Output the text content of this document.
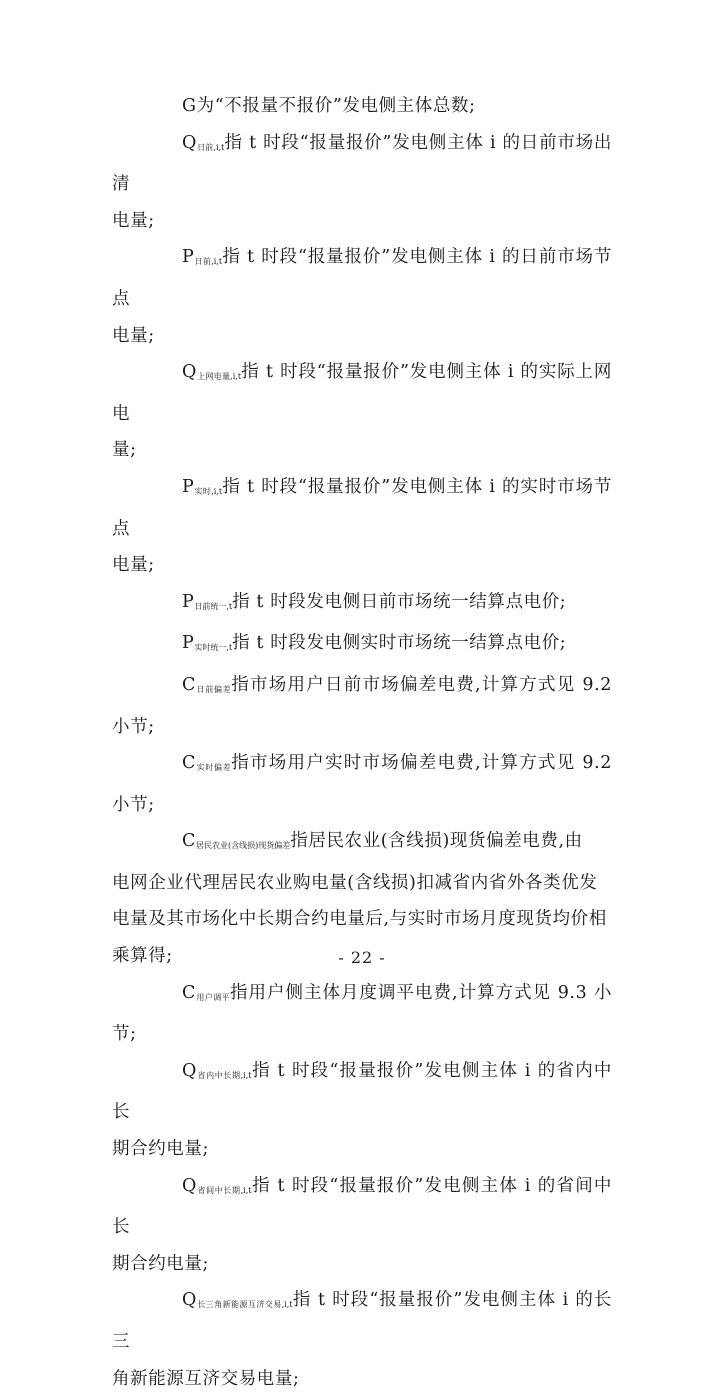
G为“不报量不报价”发电侧主体总数;

$Q_{日前,i,t}$指 t 时段“报量报价”发电侧主体 i 的日前市场出清

电量;

$P_{日前,i,t}$指 t 时段“报量报价”发电侧主体 i 的日前市场节点

电量;

$Q_{上网电量,i,t}$指 t 时段“报量报价”发电侧主体 i 的实际上网电

量;

$P_{实时,i,t}$指 t 时段“报量报价”发电侧主体 i 的实时市场节点

电量;

$P_{日前统一,t}$指 t 时段发电侧日前市场统一结算点电价;

$P_{实时统一,t}$指 t 时段发电侧实时市场统一结算点电价;

$C_{日前偏差}$指市场用户日前市场偏差电费,计算方式见 9.2 小节;

$C_{实时偏差}$指市场用户实时市场偏差电费,计算方式见 9.2 小节;

$C_{居民农业(含线损)现货偏差}$指居民农业(含线损)现货偏差电费,由

电网企业代理居民农业购电量(含线损)扣减省内省外各类优发

电量及其市场化中长期合约电量后,与实时市场月度现货均价相

乘算得;

$C_{用户调平}$指用户侧主体月度调平电费,计算方式见 9.3 小节;

$Q_{省内中长期,i,t}$指 t 时段“报量报价”发电侧主体 i 的省内中长

期合约电量;

$Q_{省间中长期,i,t}$指 t 时段“报量报价”发电侧主体 i 的省间中长

期合约电量;

$Q_{长三角新能源互济交易,i,t}$指 t 时段“报量报价”发电侧主体 i 的长三

角新能源互济交易电量;

- 22 -
